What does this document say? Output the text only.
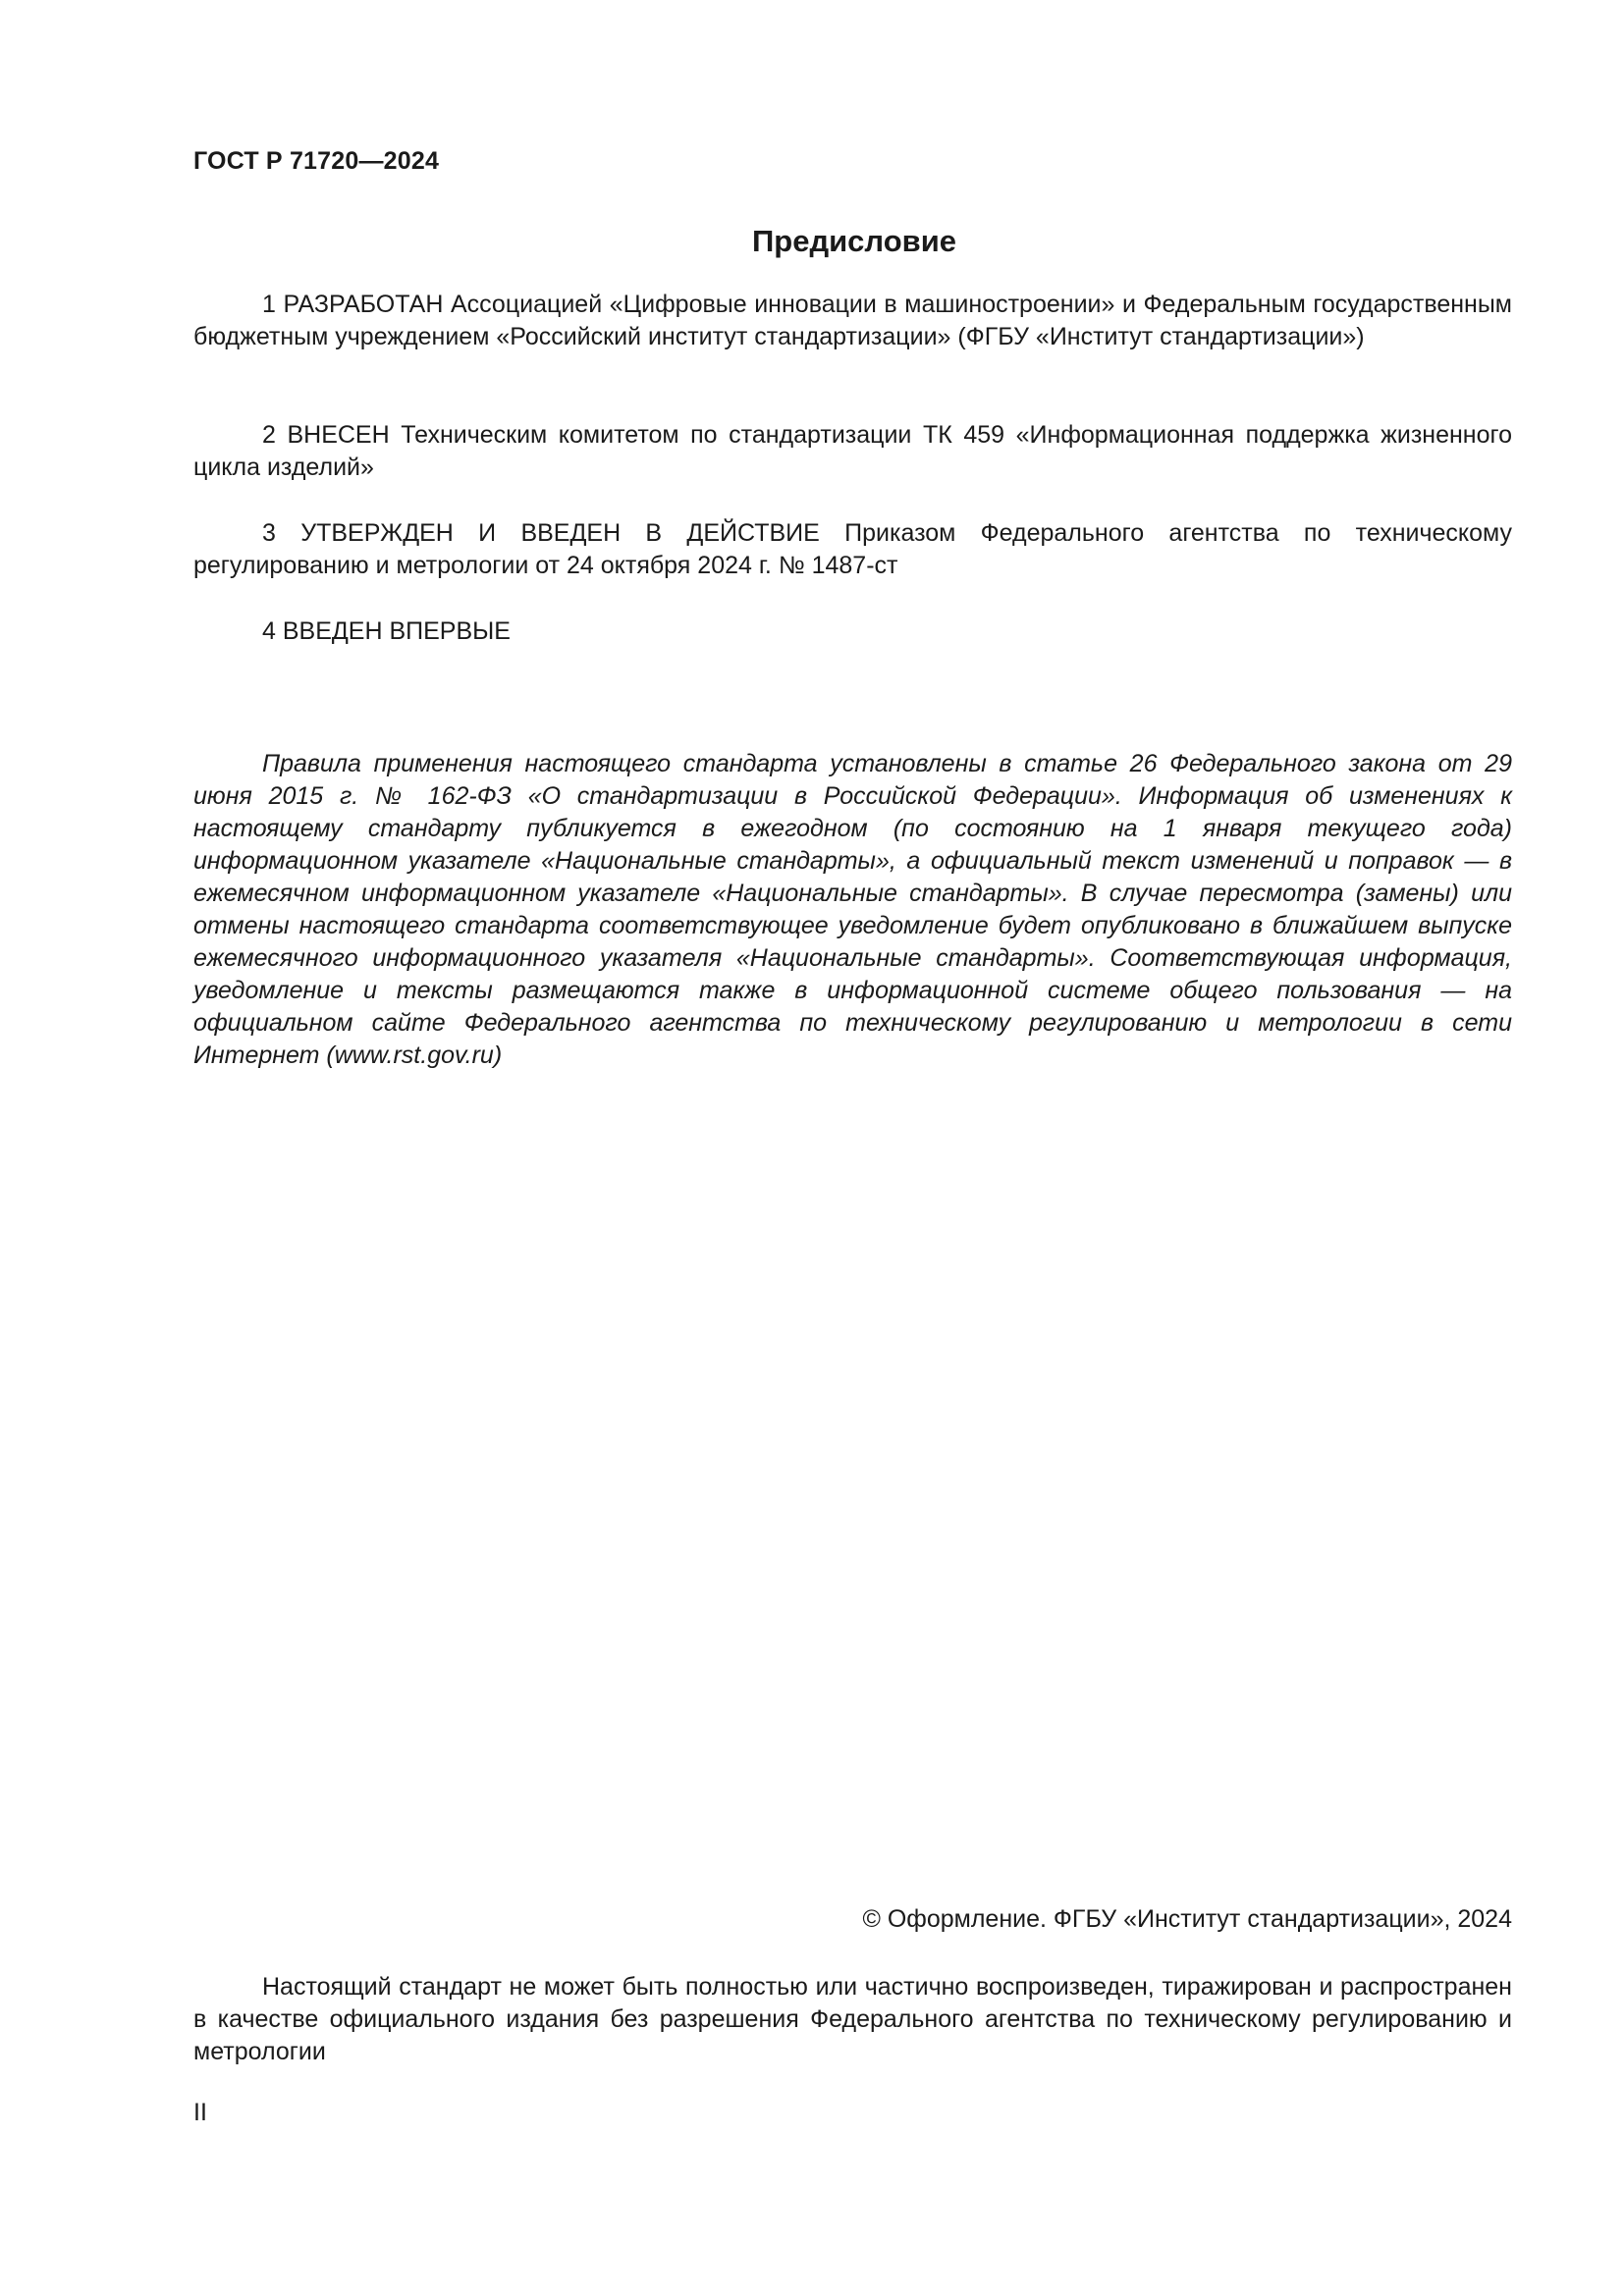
ГОСТ Р 71720—2024

Предисловие

1 РАЗРАБОТАН Ассоциацией «Цифровые инновации в машиностроении» и Федеральным государственным бюджетным учреждением «Российский институт стандартизации» (ФГБУ «Институт стандартизации»)

2 ВНЕСЕН Техническим комитетом по стандартизации ТК 459 «Информационная поддержка жизненного цикла изделий»

3 УТВЕРЖДЕН И ВВЕДЕН В ДЕЙСТВИЕ Приказом Федерального агентства по техническому регулированию и метрологии от 24 октября 2024 г. № 1487-ст

4 ВВЕДЕН ВПЕРВЫЕ

Правила применения настоящего стандарта установлены в статье 26 Федерального закона от 29 июня 2015 г. № 162-ФЗ «О стандартизации в Российской Федерации». Информация об изменениях к настоящему стандарту публикуется в ежегодном (по состоянию на 1 января текущего года) информационном указателе «Национальные стандарты», а официальный текст изменений и поправок — в ежемесячном информационном указателе «Национальные стандарты». В случае пересмотра (замены) или отмены настоящего стандарта соответствующее уведомление будет опубликовано в ближайшем выпуске ежемесячного информационного указателя «Национальные стандарты». Соответствующая информация, уведомление и тексты размещаются также в информационной системе общего пользования — на официальном сайте Федерального агентства по техническому регулированию и метрологии в сети Интернет (www.rst.gov.ru)

© Оформление. ФГБУ «Институт стандартизации», 2024

Настоящий стандарт не может быть полностью или частично воспроизведен, тиражирован и распространен в качестве официального издания без разрешения Федерального агентства по техническому регулированию и метрологии

II
